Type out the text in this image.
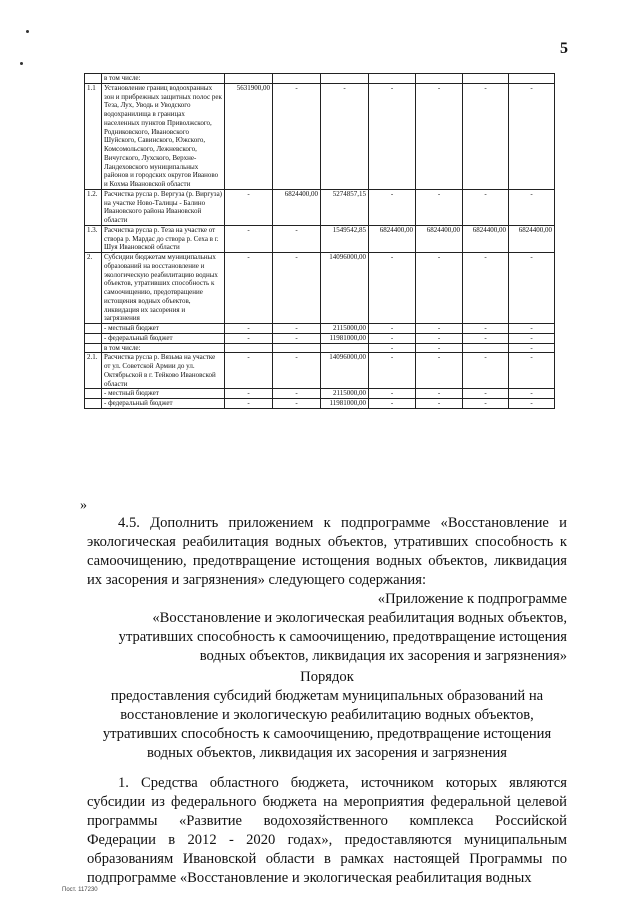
5
	в том числе:							
1.1	Установление границ водоохранных зон и прибрежных защитных полос рек Теза, Лух, Уводь и Уводского водохранилища в границах населенных пунктов Приволжского, Родниковского, Ивановского Шуйского, Савинского, Южского, Комсомольского, Лежневского, Вичугского, Лухского, Верхне-Ландеховского муниципальных районов и городских округов Иваново и Кохма Ивановской области	5631900,00	-	-	-	-	-	-
1.2.	Расчистка русла р. Вергуза (р. Виргуза) на участке Ново-Талицы - Балино Ивановского района Ивановской области	-	6824400,00	5274857,15	-	-	-	-
1.3.	Расчистка русла р. Теза на участке от створа р. Мардас до створа р. Сеха в г. Шуя Ивановской области	-	-	1549542,85	6824400,00	6824400,00	6824400,00	6824400,00
2.	Субсидии бюджетам муниципальных образований на восстановление и экологическую реабилитацию водных объектов, утративших способность к самоочищению, предотвращение истощения водных объектов, ликвидация их засорения и загрязнения	-	-	14096000,00	-	-	-	-
	- местный бюджет	-	-	2115000,00	-	-	-	-
	- федеральный бюджет	-	-	11981000,00	-	-	-	-
	в том числе:				-	-		-
2.1.	Расчистка русла р. Вязьма на участке от ул. Советской Армии до ул. Октябрьской в г. Тейково Ивановской области	-	-	14096000,00	-	-	-	-
	- местный бюджет	-	-	2115000,00	-	-	-	-
	- федеральный бюджет	-	-	11981000,00	-	-	-	-
»

4.5. Дополнить приложением к подпрограмме «Восстановление и экологическая реабилитация водных объектов, утративших способность к самоочищению, предотвращение истощения водных объектов, ликвидация их засорения и загрязнения» следующего содержания:

«Приложение к подпрограмме

«Восстановление и экологическая реабилитация водных объектов,

утративших способность к самоочищению, предотвращение истощения

водных объектов, ликвидация их засорения и загрязнения»

Порядок

предоставления субсидий бюджетам муниципальных образований на

восстановление и экологическую реабилитацию водных объектов,

утративших способность к самоочищению, предотвращение истощения

водных объектов, ликвидация их засорения и загрязнения

1. Средства областного бюджета, источником которых являются субсидии из федерального бюджета на мероприятия федеральной целевой программы «Развитие водохозяйственного комплекса Российской Федерации в 2012 - 2020 годах», предоставляются муниципальным образованиям Ивановской области в рамках настоящей Программы по подпрограмме «Восстановление и экологическая реабилитация водных

Пост. 117230
